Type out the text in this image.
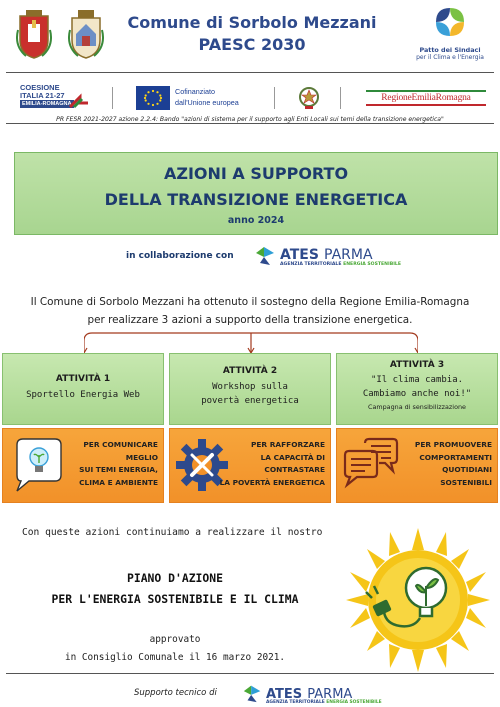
Comune di Sorbolo Mezzani
PAESC 2030	Patto dei Sindaci
per il Clima e l'Energia
COESIONE
ITALIA 21-27
EMILIA-ROMAGNA
Cofinanziato
dall'Unione europea	RegioneEmiliaRomagna
PR FESR 2021-2027 azione 2.2.4: Bando "azioni di sistema per il supporto agli Enti Locali sui temi della transizione energetica"
AZIONI A SUPPORTO
DELLA TRANSIZIONE ENERGETICA
anno 2024
in collaborazione con	ATES PARMA
AGENZIA TERRITORIALE ENERGIA SOSTENIBILE
Il Comune di Sorbolo Mezzani ha ottenuto il sostegno della Regione Emilia-Romagna
per realizzare 3 azioni a supporto della transizione energetica.
ATTIVITÀ 1
Sportello Energia Web
ATTIVITÀ 2
Workshop sulla
povertà energetica
ATTIVITÀ 3
"Il clima cambia.
Cambiamo anche noi!"
Campagna di sensibilizzazione
PER COMUNICARE
MEGLIO
SUI TEMI ENERGIA,
CLIMA E AMBIENTE
PER RAFFORZARE
LA CAPACITÀ DI
CONTRASTARE
LA POVERTÀ ENERGETICA
PER PROMUOVERE
COMPORTAMENTI
QUOTIDIANI
SOSTENIBILI
Con queste azioni continuiamo a realizzare il nostro
PIANO D'AZIONE
PER L'ENERGIA SOSTENIBILE E IL CLIMA
approvato
in Consiglio Comunale il 16 marzo 2021.
Supporto tecnico di	ATES PARMA
AGENZIA TERRITORIALE ENERGIA SOSTENIBILE
